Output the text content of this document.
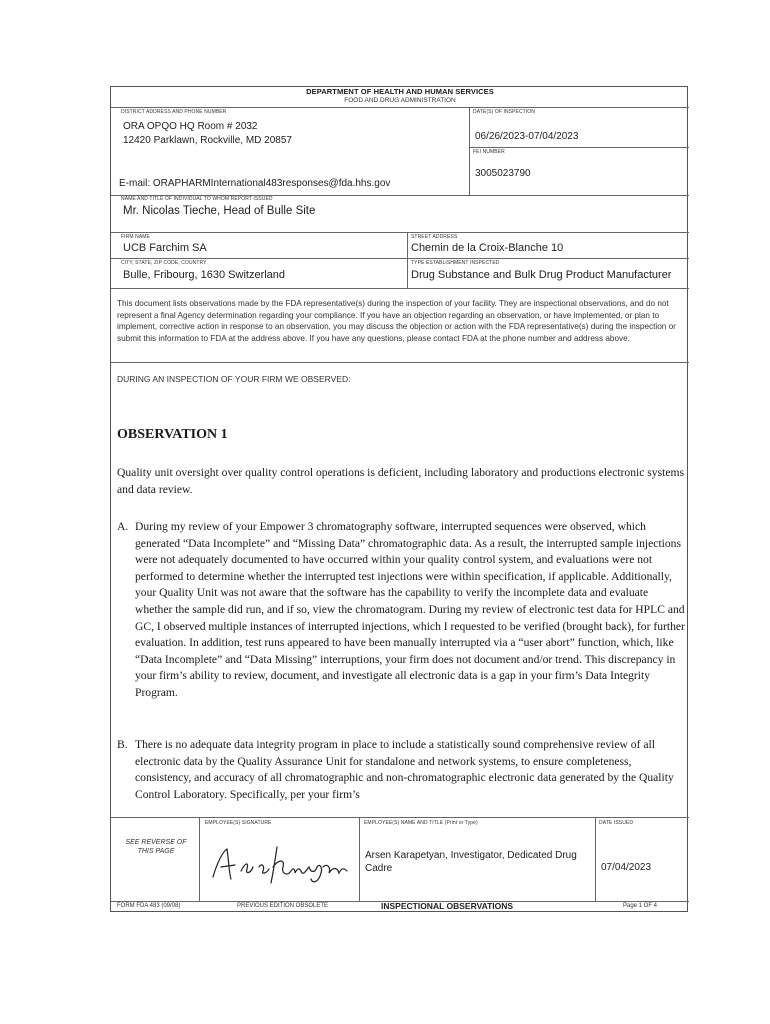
DEPARTMENT OF HEALTH AND HUMAN SERVICES
FOOD AND DRUG ADMINISTRATION
DISTRICT ADDRESS AND PHONE NUMBER
ORA OPQO HQ Room # 2032
12420 Parklawn, Rockville, MD 20857
E-mail: ORAPHARMInternational483responses@fda.hhs.gov
DATE(S) OF INSPECTION
06/26/2023-07/04/2023
FEI NUMBER
3005023790
NAME AND TITLE OF INDIVIDUAL TO WHOM REPORT ISSUED
Mr. Nicolas Tieche, Head of Bulle Site
FIRM NAME
UCB Farchim SA
STREET ADDRESS
Chemin de la Croix-Blanche 10
CITY, STATE, ZIP CODE, COUNTRY
Bulle, Fribourg, 1630 Switzerland
TYPE ESTABLISHMENT INSPECTED
Drug Substance and Bulk Drug Product Manufacturer
This document lists observations made by the FDA representative(s) during the inspection of your facility. They are inspectional observations, and do not represent a final Agency determination regarding your compliance. If you have an objection regarding an observation, or have implemented, or plan to implement, corrective action in response to an observation, you may discuss the objection or action with the FDA representative(s) during the inspection or submit this information to FDA at the address above. If you have any questions, please contact FDA at the phone number and address above.
DURING AN INSPECTION OF YOUR FIRM WE OBSERVED:
OBSERVATION 1
Quality unit oversight over quality control operations is deficient, including laboratory and productions electronic systems and data review.
A. During my review of your Empower 3 chromatography software, interrupted sequences were observed, which generated “Data Incomplete” and “Missing Data” chromatographic data. As a result, the interrupted sample injections were not adequately documented to have occurred within your quality control system, and evaluations were not performed to determine whether the interrupted test injections were within specification, if applicable. Additionally, your Quality Unit was not aware that the software has the capability to verify the incomplete data and evaluate whether the sample did run, and if so, view the chromatogram. During my review of electronic test data for HPLC and GC, I observed multiple instances of interrupted injections, which I requested to be verified (brought back), for further evaluation. In addition, test runs appeared to have been manually interrupted via a “user abort” function, which, like “Data Incomplete” and “Data Missing” interruptions, your firm does not document and/or trend. This discrepancy in your firm’s ability to review, document, and investigate all electronic data is a gap in your firm’s Data Integrity Program.
B. There is no adequate data integrity program in place to include a statistically sound comprehensive review of all electronic data by the Quality Assurance Unit for standalone and network systems, to ensure completeness, consistency, and accuracy of all chromatographic and non-chromatographic electronic data generated by the Quality Control Laboratory. Specifically, per your firm’s
SEE REVERSE OF THIS PAGE
EMPLOYEE(S) SIGNATURE	EMPLOYEE(S) NAME AND TITLE (Print or Type)
Arsen Karapetyan, Investigator, Dedicated Drug Cadre
DATE ISSUED
07/04/2023
FORM FDA 483 (09/08)	PREVIOUS EDITION OBSOLETE	INSPECTIONAL OBSERVATIONS	Page 1 OF 4
